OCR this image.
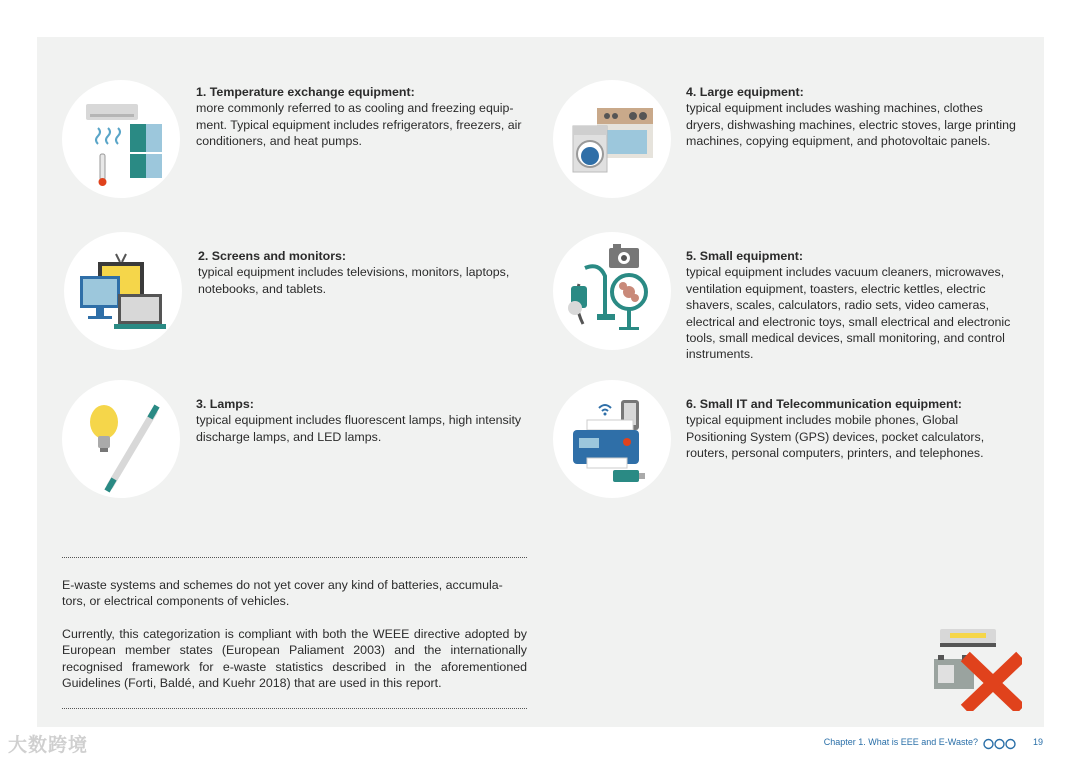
1. Temperature exchange equipment:
more commonly referred to as cooling and freezing equip- ment. Typical equipment includes refrigerators, freezers, air conditioners, and heat pumps.
2. Screens and monitors:
typical equipment includes televisions, monitors, laptops, notebooks, and tablets.
3. Lamps:
typical equipment includes fluorescent lamps, high intensity discharge lamps, and LED lamps.
4. Large equipment:
typical equipment includes washing machines, clothes dryers, dishwashing machines, electric stoves, large printing machines, copying equipment, and photovoltaic panels.
5. Small equipment:
typical equipment includes vacuum cleaners, microwaves, ventilation equipment, toasters, electric kettles, electric shavers, scales, calculators, radio sets, video cameras, electrical and electronic toys, small electrical and electronic tools, small medical devices, small monitoring, and control instruments.
6. Small IT and Telecommunication equipment:
typical equipment includes mobile phones, Global Positioning System (GPS) devices, pocket calculators, routers, personal computers, printers, and telephones.
E-waste systems and schemes do not yet cover any kind of batteries, accumula- tors, or electrical components of vehicles.
Currently, this categorization is compliant with both the WEEE directive adopted by European member states (European Paliament 2003) and the internationally recognised framework for e-waste statistics described in the aforementioned Guidelines (Forti, Baldé, and Kuehr 2018) that are used in this report.
大数跨境	Chapter 1. What is EEE and E-Waste?	19
